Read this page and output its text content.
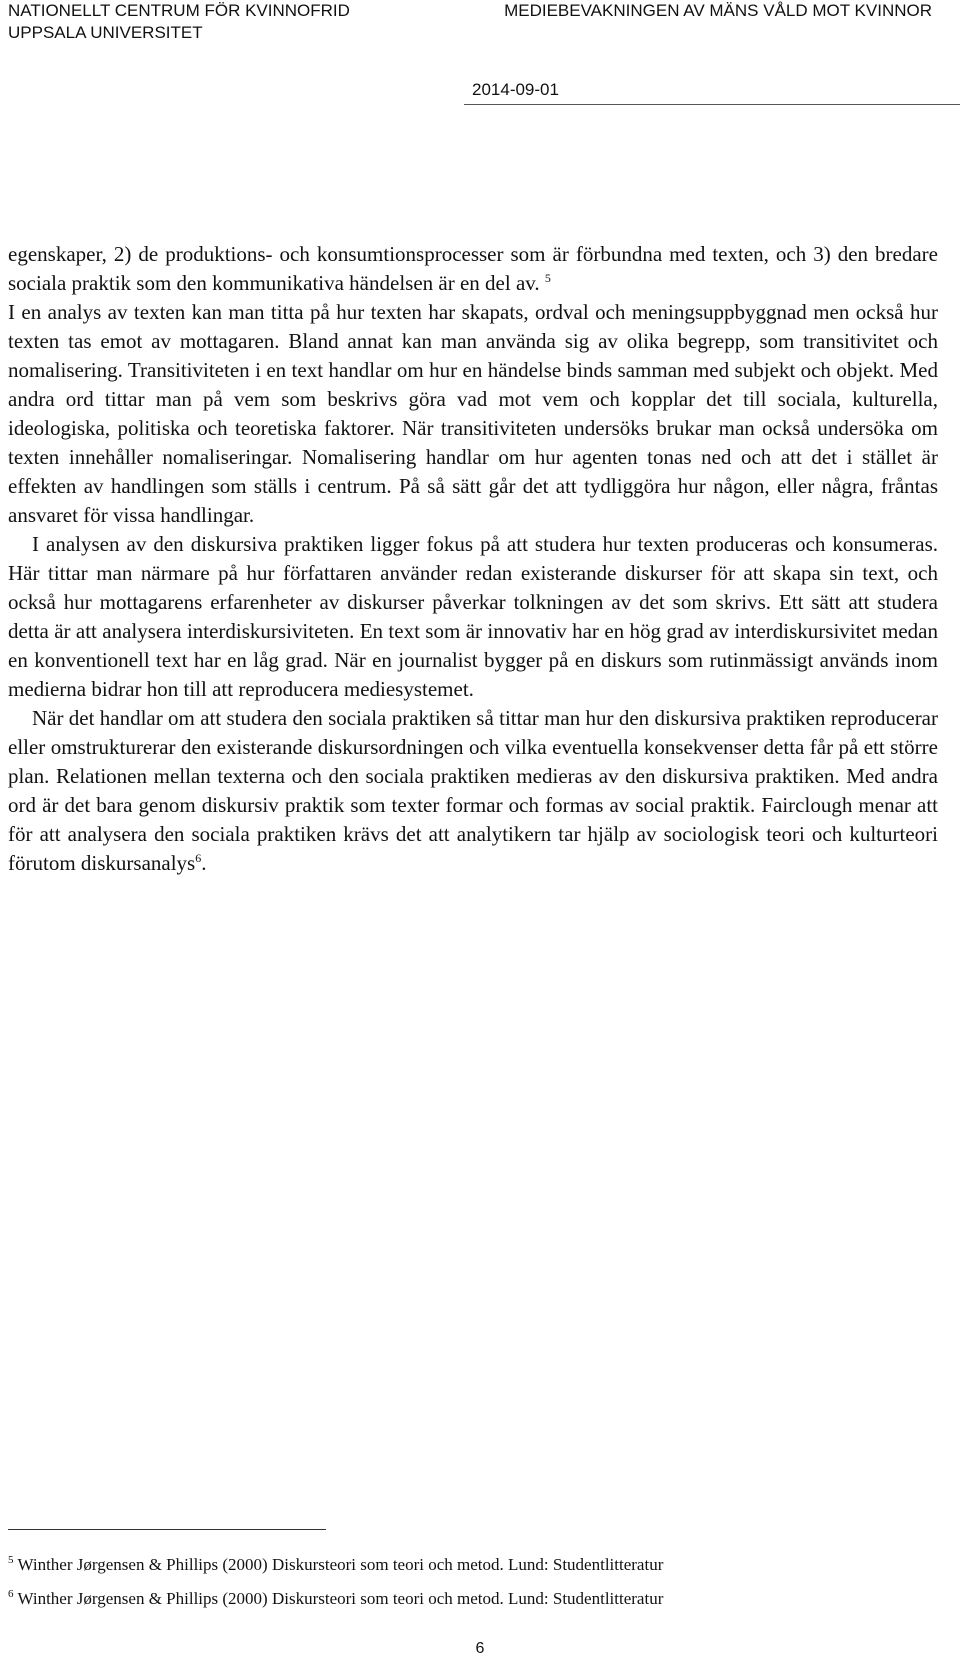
NATIONELLT CENTRUM FÖR KVINNOFRID
UPPSALA UNIVERSITET
MEDIEBEVAKNINGEN AV MÄNS VÅLD MOT KVINNOR
2014-09-01

egenskaper, 2) de produktions- och konsumtionsprocesser som är förbundna med texten, och 3) den bredare sociala praktik som den kommunikativa händelsen är en del av. $^5$

I en analys av texten kan man titta på hur texten har skapats, ordval och meningsuppbyggnad men också hur texten tas emot av mottagaren. Bland annat kan man använda sig av olika begrepp, som transitivitet och nomalisering. Transitiviteten i en text handlar om hur en händelse binds samman med subjekt och objekt. Med andra ord tittar man på vem som beskrivs göra vad mot vem och kopplar det till sociala, kulturella, ideologiska, politiska och teoretiska faktorer. När transitiviteten undersöks brukar man också undersöka om texten innehåller nomaliseringar. Nomalisering handlar om hur agenten tonas ned och att det i stället är effekten av handlingen som ställs i centrum. På så sätt går det att tydliggöra hur någon, eller några, fråntas ansvaret för vissa handlingar.

I analysen av den diskursiva praktiken ligger fokus på att studera hur texten produceras och konsumeras. Här tittar man närmare på hur författaren använder redan existerande diskurser för att skapa sin text, och också hur mottagarens erfarenheter av diskurser påverkar tolkningen av det som skrivs. Ett sätt att studera detta är att analysera interdiskursiviteten. En text som är innovativ har en hög grad av interdiskursivitet medan en konventionell text har en låg grad. När en journalist bygger på en diskurs som rutinmässigt används inom medierna bidrar hon till att reproducera mediesystemet.

När det handlar om att studera den sociala praktiken så tittar man hur den diskursiva praktiken reproducerar eller omstrukturerar den existerande diskursordningen och vilka eventuella konsekvenser detta får på ett större plan. Relationen mellan texterna och den sociala praktiken medieras av den diskursiva praktiken. Med andra ord är det bara genom diskursiv praktik som texter formar och formas av social praktik. Fairclough menar att för att analysera den sociala praktiken krävs det att analytikern tar hjälp av sociologisk teori och kulturteori förutom diskursanalys$^6$.

$^5$ Winther Jørgensen & Phillips (2000) Diskursteori som teori och metod. Lund: Studentlitteratur
$^6$ Winther Jørgensen & Phillips (2000) Diskursteori som teori och metod. Lund: Studentlitteratur
6
